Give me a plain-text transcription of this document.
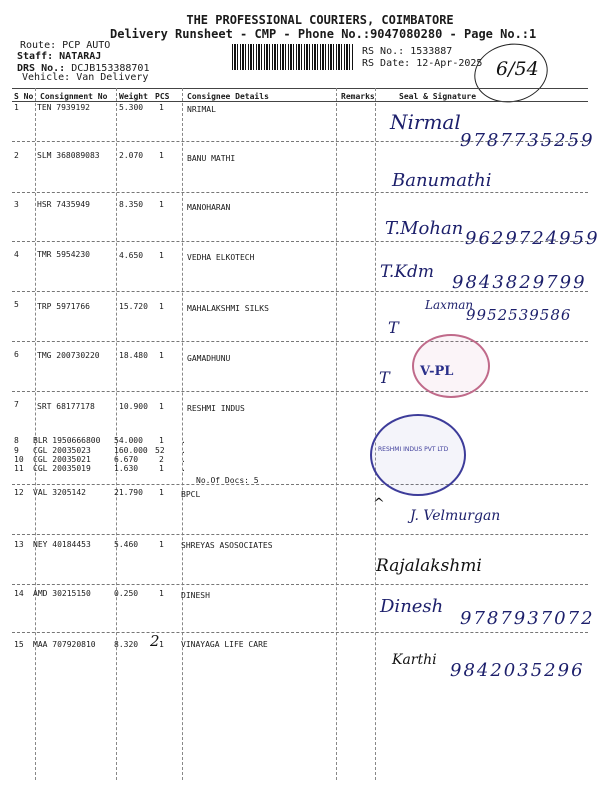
THE PROFESSIONAL COURIERS, COIMBATORE
Delivery Runsheet - CMP - Phone No.:9047080280 - Page No.:1
Route: PCP AUTO
Staff: NATARAJ
DRS No.: DCJB153388701
Vehicle: Van Delivery
RS No.: 1533887
RS Date: 12-Apr-2025 6/54
S No Consignment No Weight PCS Consignee Details	Remarks	Seal & Signature
1 TEN 7939192	5.300 1	NRIMAL
Nirmal
9787735259
2 SLM 368089083 2.070 1	BANU MATHI
Banumathi
3 HSR 7435949	8.350 1	MANOHARAN
T.Mohan 9629724959
4 TMR 5954230	4.650 1	VEDHA ELKOTECH
T.Kdm 9843829799
5 TRP 5971766	15.720 1	MAHALAKSHMI SILKS	Laxman
9952539586
T
6 TMG 200730220 18.480 1	GAMADHUNU
T
7 SRT 68177178	10.900 1	RESHMI INDUS
8 BLR 1950666800 54.000 1 .
9 CGL 20035023	160.000 52 .
10 CGL 20035021	6.670	2 .
11 CGL 20035019	1.630	1 .
No.Of Docs: 5
12 VAL 3205142	21.790 1 BPCL
J. Velmurgan
^
13 NEY 40184453	5.460	1 SHREYAS ASOSOCIATES
Rajalakshmi
14 AMD 30215150	0.250	1 DINESH
Dinesh
9787937072
15 MAA 707920810 8.320	1
2	VINAYAGA LIFE CARE
Karthi 9842035296
V-PL
RESHMI INDUS PVT LTD
